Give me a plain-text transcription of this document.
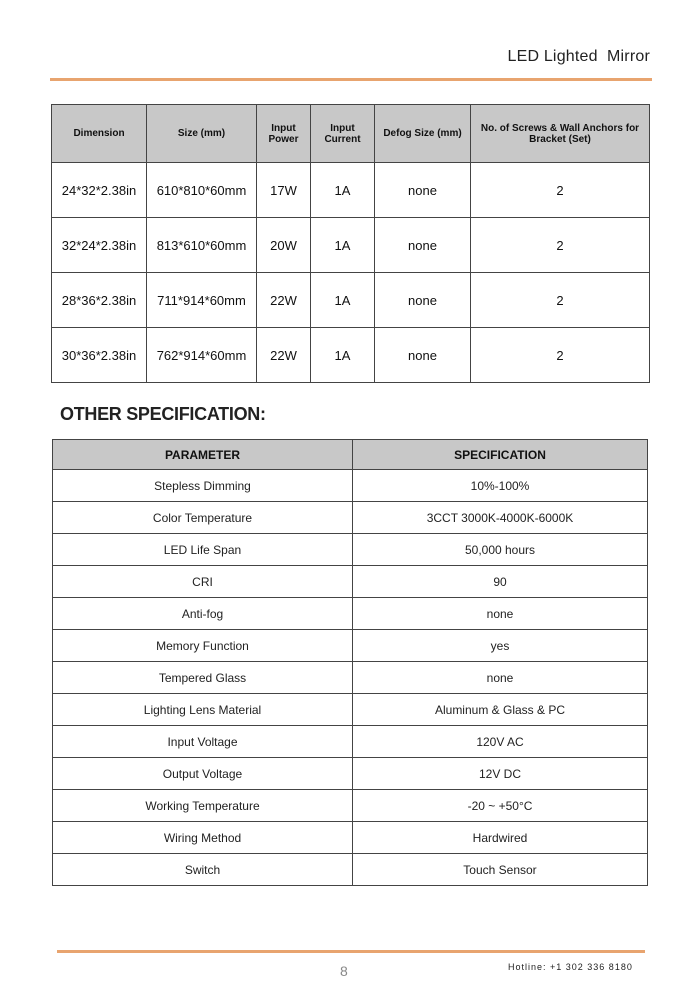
LED Lighted  Mirror
Dimension	Size (mm)	Input Power	Input Current	Defog Size (mm)	No. of Screws & Wall Anchors for Bracket (Set)
24*32*2.38in	610*810*60mm	17W	1A	none	2
32*24*2.38in	813*610*60mm	20W	1A	none	2
28*36*2.38in	711*914*60mm	22W	1A	none	2
30*36*2.38in	762*914*60mm	22W	1A	none	2
OTHER SPECIFICATION:
PARAMETER	SPECIFICATION
Stepless Dimming	10%-100%
Color Temperature	3CCT 3000K-4000K-6000K
LED Life Span	50,000 hours
CRI	90
Anti-fog	none
Memory Function	yes
Tempered Glass	none
Lighting Lens Material	Aluminum & Glass & PC
Input Voltage	120V AC
Output Voltage	12V DC
Working Temperature	-20 ~ +50°C
Wiring Method	Hardwired
Switch	Touch Sensor
8	Hotline: +1 302 336 8180
